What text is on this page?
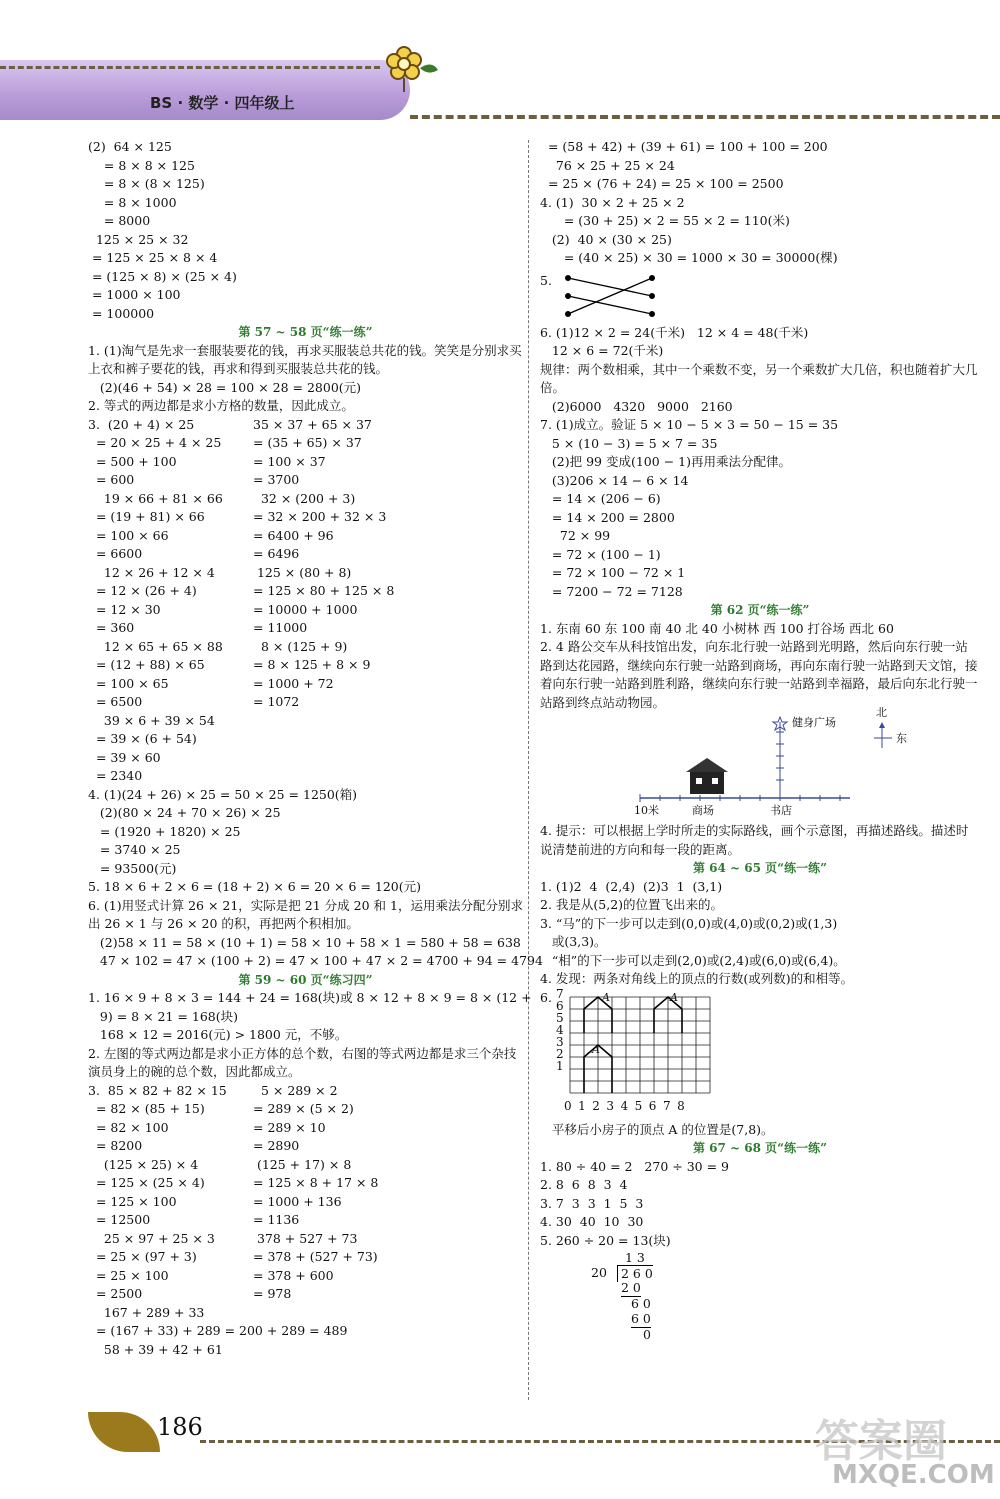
BS · 数学 · 四年级上
(2)  64 × 125
= 8 × 8 × 125
= 8 × (8 × 125)
= 8 × 1000
= 8000
125 × 25 × 32
= 125 × 25 × 8 × 4
= (125 × 8) × (25 × 4)
= 1000 × 100
= 100000
第 57 ~ 58 页“练一练”
1. (1)淘气是先求一套服装要花的钱，再求买服装总共花的钱。笑笑是分别求买上衣和裤子要花的钱，再求和得到买服装总共花的钱。
(2)(46 + 54) × 28 = 100 × 28 = 2800(元)
2. 等式的两边都是求小方格的数量，因此成立。
3.  (20 + 4) × 25	35 × 37 + 65 × 37
= 20 × 25 + 4 × 25	= (35 + 65) × 37
= 500 + 100	= 100 × 37
= 600	= 3700
19 × 66 + 81 × 66	32 × (200 + 3)
= (19 + 81) × 66	= 32 × 200 + 32 × 3
= 100 × 66	= 6400 + 96
= 6600	= 6496
12 × 26 + 12 × 4	125 × (80 + 8)
= 12 × (26 + 4)	= 125 × 80 + 125 × 8
= 12 × 30	= 10000 + 1000
= 360	= 11000
12 × 65 + 65 × 88	8 × (125 + 9)
= (12 + 88) × 65	= 8 × 125 + 8 × 9
= 100 × 65	= 1000 + 72
= 6500	= 1072
39 × 6 + 39 × 54
= 39 × (6 + 54)
= 39 × 60
= 2340
4. (1)(24 + 26) × 25 = 50 × 25 = 1250(箱)
(2)(80 × 24 + 70 × 26) × 25
= (1920 + 1820) × 25
= 3740 × 25
= 93500(元)
5. 18 × 6 + 2 × 6 = (18 + 2) × 6 = 20 × 6 = 120(元)
6. (1)用竖式计算 26 × 21，实际是把 21 分成 20 和 1，运用乘法分配分别求出 26 × 1 与 26 × 20 的积，再把两个积相加。
(2)58 × 11 = 58 × (10 + 1) = 58 × 10 + 58 × 1 = 580 + 58 = 638
47 × 102 = 47 × (100 + 2) = 47 × 100 + 47 × 2 = 4700 + 94 = 4794
第 59 ~ 60 页“练习四”
1. 16 × 9 + 8 × 3 = 144 + 24 = 168(块)或 8 × 12 + 8 × 9 = 8 × (12 +
9) = 8 × 21 = 168(块)
168 × 12 = 2016(元) > 1800 元，不够。
2. 左图的等式两边都是求小正方体的总个数，右图的等式两边都是求三个杂技演员身上的碗的总个数，因此都成立。
3.  85 × 82 + 82 × 15	5 × 289 × 2
= 82 × (85 + 15)	= 289 × (5 × 2)
= 82 × 100	= 289 × 10
= 8200	= 2890
(125 × 25) × 4	(125 + 17) × 8
= 125 × (25 × 4)	= 125 × 8 + 17 × 8
= 125 × 100	= 1000 + 136
= 12500	= 1136
25 × 97 + 25 × 3	378 + 527 + 73
= 25 × (97 + 3)	= 378 + (527 + 73)
= 25 × 100	= 378 + 600
= 2500	= 978
167 + 289 + 33
= (167 + 33) + 289 = 200 + 289 = 489
58 + 39 + 42 + 61
= (58 + 42) + (39 + 61) = 100 + 100 = 200
76 × 25 + 25 × 24
= 25 × (76 + 24) = 25 × 100 = 2500
4. (1)  30 × 2 + 25 × 2
= (30 + 25) × 2 = 55 × 2 = 110(米)
(2)  40 × (30 × 25)
= (40 × 25) × 30 = 1000 × 30 = 30000(棵)
5.
6. (1)12 × 2 = 24(千米)   12 × 4 = 48(千米)
12 × 6 = 72(千米)
规律：两个数相乘，其中一个乘数不变，另一个乘数扩大几倍，积也随着扩大几倍。
(2)6000   4320   9000   2160
7. (1)成立。验证 5 × 10 − 5 × 3 = 50 − 15 = 35
5 × (10 − 3) = 5 × 7 = 35
(2)把 99 变成(100 − 1)再用乘法分配律。
(3)206 × 14 − 6 × 14
= 14 × (206 − 6)
= 14 × 200 = 2800
72 × 99
= 72 × (100 − 1)
= 72 × 100 − 72 × 1
= 7200 − 72 = 7128
第 62 页“练一练”
1. 东南 60 东 100 南 40 北 40 小树林 西 100 打谷场 西北 60
2. 4 路公交车从科技馆出发，向东北行驶一站路到光明路，然后向东行驶一站路到达花园路，继续向东行驶一站路到商场，再向东南行驶一站路到天文馆，接着向东行驶一站路到胜利路，继续向东行驶一站路到幸福路，最后向东北行驶一站路到终点站动物园。
健身广场
北
东
10米	商场	书店
4. 提示：可以根据上学时所走的实际路线，画个示意图，再描述路线。描述时说清楚前进的方向和每一段的距离。
第 64 ~ 65 页“练一练”
1. (1)2  4  (2,4)  (2)3  1  (3,1)
2. 我是从(5,2)的位置飞出来的。
3. “马”的下一步可以走到(0,0)或(4,0)或(0,2)或(1,3)
或(3,3)。
“相”的下一步可以走到(2,0)或(2,4)或(6,0)或(6,4)。
4. 发现：两条对角线上的顶点的行数(或列数)的和相等。
6.
A
A
A
7
6
5
4
3
2
1
012345678
平移后小房子的顶点 A 的位置是(7,8)。
第 67 ~ 68 页“练一练”
1. 80 ÷ 40 = 2   270 ÷ 30 = 9
2. 8  6  8  3  4
3. 7  3  3  1  5  3
4. 30  40  10  30
5. 260 ÷ 20 = 13(块)
1 3
20	2 6 0
2 0
6 0
6 0
0
186	答案圈
MXQE.COM
